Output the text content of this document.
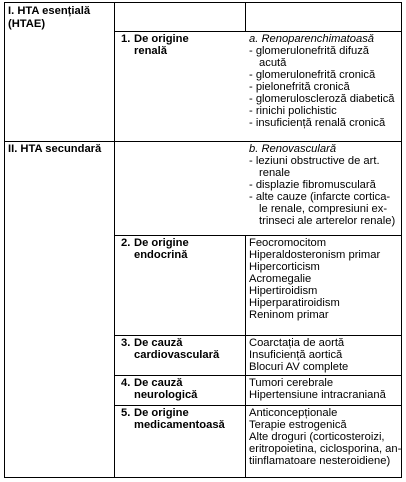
I. HTA esențială
(HTAE)
II. HTA secundară
1. De origine
renală
a. Renoparenchimatoasă
- glomerulonefrită difuză
acută
- glomerulonefrită cronică
- pielonefrită cronică
- glomeruloscleroză diabetică
- rinichi polichistic
- insuficiență renală cronică
b. Renovasculară
- leziuni obstructive de art.
renale
- displazie fibromusculară
- alte cauze (infarcte cortica-
le renale, compresiuni ex-
trinseci ale arterelor renale)
2. De origine
endocrină
Feocromocitom
Hiperaldosteronism primar
Hipercorticism
Acromegalie
Hipertiroidism
Hiperparatiroidism
Reninom primar
3. De cauză
cardiovasculară
Coarctația de aortă
Insuficiență aortică
Blocuri AV complete
4. De cauză
neurologică
Tumori cerebrale
Hipertensiune intracraniană
5. De origine
medicamentoasă
Anticoncepționale
Terapie estrogenică
Alte droguri (corticosteroizi,
eritropoietina, ciclosporina, an-
tiinflamatoare nesteroidiene)
